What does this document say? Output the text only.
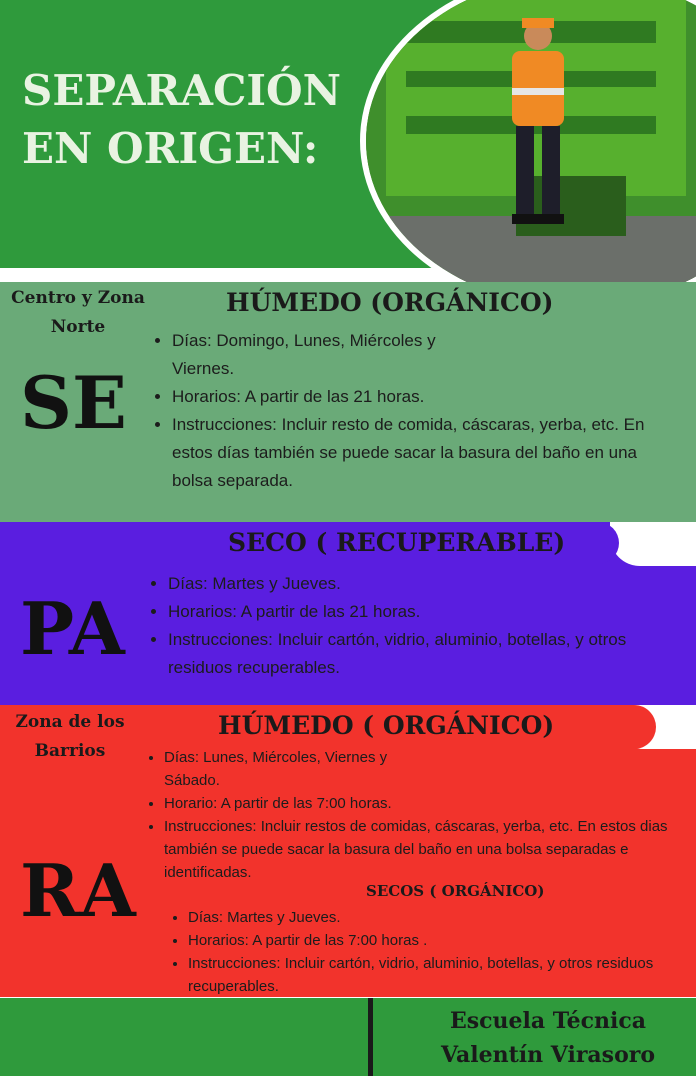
SEPARACIÓN
EN ORIGEN:
Centro y Zona
Norte
SE
HÚMEDO (ORGÁNICO)
• Días: Domingo, Lunes, Miércoles y Viernes.
• Horarios: A partir de las 21 horas.
• Instrucciones: Incluir resto de comida, cáscaras, yerba, etc. En estos días también se puede sacar la basura del baño en una bolsa separada.
SECO ( RECUPERABLE)
PA
• Días: Martes y Jueves.
• Horarios: A partir de las 21 horas.
• Instrucciones: Incluir cartón, vidrio, aluminio, botellas, y otros residuos recuperables.
Zona de los
Barrios
HÚMEDO ( ORGÁNICO)
RA
• Días: Lunes, Miércoles, Viernes y Sábado.
• Horario: A partir de las 7:00 horas.
• Instrucciones: Incluir restos de comidas, cáscaras, yerba, etc. En estos dias también se puede sacar la basura del baño en una bolsa separadas e identificadas.
SECOS ( ORGÁNICO)
• Días: Martes y Jueves.
• Horarios: A partir de las 7:00 horas .
• Instrucciones: Incluir cartón, vidrio, aluminio, botellas, y otros residuos recuperables.
Escuela Técnica
Valentín Virasoro
